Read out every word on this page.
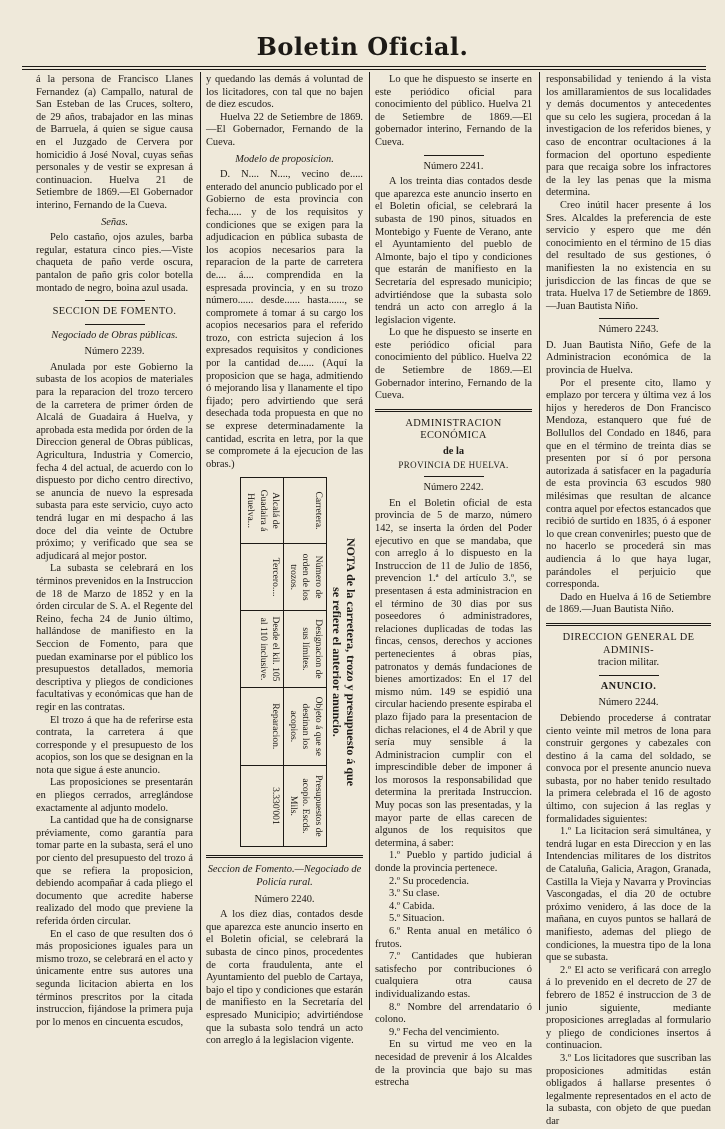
Boletin Oficial.

á la persona de Francisco Llanes Fernandez (a) Campallo, natural de San Esteban de las Cruces, soltero, de 29 años, trabajador en las minas de Barruela, á quien se sigue causa en el Juzgado de Cervera por homicidio á José Noval, cuyas señas personales y de vestir se expresan á continuacion. Huelva 21 de Setiembre de 1869.—El Gobernador interino, Fernando de la Cueva.

Señas.

Pelo castaño, ojos azules, barba regular, estatura cinco pies.—Viste chaqueta de paño verde oscura, pantalon de paño gris color botella montado de negro, boina azul usada.

SECCION DE FOMENTO.

Negociado de Obras públicas.

Número 2239.

Anulada por este Gobierno la subasta de los acopios de materiales para la reparacion del trozo tercero de la carretera de primer órden de Alcalá de Guadaira á Huelva, y aprobada esta medida por órden de la Direccion general de Obras públicas, Agricultura, Industria y Comercio, fecha 4 del actual, de acuerdo con lo dispuesto por dicho centro directivo, se anuncia de nuevo la espresada subasta para este servicio, cuyo acto tendrá lugar en mi despacho á las doce del dia veinte de Octubre próximo; y verificado que sea se adjudicará al mejor postor.

La subasta se celebrará en los términos prevenidos en la Instruccion de 18 de Marzo de 1852 y en la órden circular de S. A. el Regente del Reino, fecha 24 de Junio último, hallándose de manifiesto en la Seccion de Fomento, para que puedan examinarse por el público los presupuestos detallados, memoria descriptiva y pliegos de condiciones facultativas y económicas que han de regir en las contratas.

El trozo á que ha de referirse esta contrata, la carretera á que corresponde y el presupuesto de los acopios, son los que se designan en la nota que sigue á este anuncio.

Las proposiciones se presentarán en pliegos cerrados, arreglándose exactamente al adjunto modelo.

La cantidad que ha de consignarse préviamente, como garantía para tomar parte en la subasta, será el uno por ciento del presupuesto del trozo á que se refiera la proposicion, debiendo acompañar á cada pliego el documento que acredite haberse realizado del modo que previene la referida órden circular.

En el caso de que resulten dos ó más proposiciones iguales para un mismo trozo, se celebrará en el acto y únicamente entre sus autores una segunda licitacion abierta en los términos prescritos por la citada instruccion, fijándose la primera puja por lo menos en cincuenta escudos,

y quedando las demás á voluntad de los licitadores, con tal que no bajen de diez escudos.

Huelva 22 de Setiembre de 1869. —El Gobernador, Fernando de la Cueva.

Modelo de proposicion.

D. N.... N...., vecino de..... enterado del anuncio publicado por el Gobierno de esta provincia con fecha..... y de los requisitos y condiciones que se exigen para la adjudicacion en pública subasta de los acopios necesarios para la reparacion de la parte de carretera de.... á.... comprendida en la espresada provincia, y en su trozo número...... desde...... hasta......, se compromete á tomar á su cargo los acopios necesarios para el referido trozo, con estricta sujecion á los expresados requisitos y condiciones por la cantidad de...... (Aquí la proposicion que se haga, admitiendo ó mejorando lisa y llanamente el tipo fijado; pero advirtiendo que será desechada toda propuesta en que no se exprese determinadamente la cantidad, escrita en letra, por la que se compromete á la ejecucion de las obras.)

NOTA de la carretera, trozo y presupuesto á que
se refiere el anterior anuncio.
Carretera.	Número de orden de los trozos.	Designacion de sus límites.	Objeto á que se destinan los acopios.	Presupuestos de acopio. Escds. Mils.
Alcalá de Guadaira á Huelva...	Tercero....	Desde el kil. 105 al 110 inclusive.	Reparacion.	3.330'001

Seccion de Fomento.—Negociado de Policía rural.

Número 2240.

A los diez dias, contados desde que aparezca este anuncio inserto en el Boletin oficial, se celebrará la subasta de cinco pinos, procedentes de corta fraudulenta, ante el Ayuntamiento del pueblo de Cartaya, bajo el tipo y condiciones que estarán de manifiesto en la Secretaría del espresado Municipio; advirtiéndose que la subasta solo tendrá un acto con arreglo á la legislacion vigente.

Lo que he dispuesto se inserte en este periódico oficial para conocimiento del público. Huelva 21 de Setiembre de 1869.—El gobernador interino, Fernando de la Cueva.

Número 2241.

A los treinta dias contados desde que aparezca este anuncio inserto en el Boletin oficial, se celebrará la subasta de 190 pinos, situados en Montebigo y Fuente de Verano, ante el Ayuntamiento del pueblo de Almonte, bajo el tipo y condiciones que estarán de manifiesto en la Secretaría del espresado municipio; advirtiéndose que la subasta solo tendrá un acto con arreglo á la legislacion vigente.

Lo que he dispuesto se inserte en este periódico oficial para conocimiento del público. Huelva 22 de Setiembre de 1869.—El Gobernador interino, Fernando de la Cueva.

ADMINISTRACION ECONÓMICA

de la

PROVINCIA DE HUELVA.

Número 2242.

En el Boletin oficial de esta provincia de 5 de marzo, número 142, se inserta la órden del Poder ejecutivo en que se mandaba, que con arreglo á lo dispuesto en la Instruccion de 11 de Julio de 1856, prevencion 1.ª del artículo 3.º, se presentasen á esta administracion en el término de 30 dias por sus poseedores ó administradores, relaciones duplicadas de todas las fincas, censos, derechos y acciones pertenecientes á obras pías, patronatos y demás fundaciones de bienes amortizados: En el 17 del mismo núm. 149 se espidió una circular haciendo presente espiraba el plazo fijado para la presentacion de dichas relaciones, el 4 de Abril y que sería muy sensible á la Administracion cumplir con el imprescindible deber de imponer á los morosos la responsabilidad que determina la preritada Instruccion. Muy pocas son las presentadas, y la mayor parte de ellas carecen de algunos de los requisitos que determina, á saber:

1.º Pueblo y partido judicial á donde la provincia pertenece.

2.º Su procedencia.

3.º Su clase.

4.º Cabida.

5.º Situacion.

6.º Renta anual en metálico ó frutos.

7.º Cantidades que hubieran satisfecho por contribuciones ó cualquiera otra causa individualizando estas.

8.º Nombre del arrendatario ó colono.

9.º Fecha del vencimiento.

En su virtud me veo en la necesidad de prevenir á los Alcaldes de la provincia que bajo su mas estrecha

responsabilidad y teniendo á la vista los amillaramientos de sus localidades y demás documentos y antecedentes que su celo les sugiera, procedan á la investigacion de los referidos bienes, y caso de encontrar ocultaciones á la formacion del oportuno espediente para que recaiga sobre los infractores de la ley las penas que la misma determina.

Creo inútil hacer presente á los Sres. Alcaldes la preferencia de este servicio y espero que me dén conocimiento en el término de 15 dias del resultado de sus gestiones, ó manifiesten la no existencia en su jurisdiccion de las fincas de que se trata. Huelva 17 de Setiembre de 1869. —Juan Bautista Niño.

Número 2243.

D. Juan Bautista Niño, Gefe de la Administracion económica de la provincia de Huelva.

Por el presente cito, llamo y emplazo por tercera y última vez á los hijos y herederos de Don Francisco Mendoza, estanquero que fué de Bollullos del Condado en 1846, para que en el término de treinta dias se presenten por sí ó por persona autorizada á satisfacer en la pagaduría de esta provincia 63 escudos 980 milésimas que resultan de alcance contra aquel por efectos estancados que recibió de surtido en 1835, ó á esponer lo que crean convenirles; puesto que de no hacerlo se procederá sin mas audiencia á lo que haya lugar, parándoles el perjuicio que corresponda.

Dado en Huelva á 16 de Setiembre de 1869.—Juan Bautista Niño.

DIRECCION GENERAL DE ADMINIS-

tracion militar.

ANUNCIO.

Número 2244.

Debiendo procederse á contratar ciento veinte mil metros de lona para construir gergones y cabezales con destino á la cama del soldado, se convoca por el presente anuncio nueva subasta, por no haber tenido resultado la primera celebrada el 16 de agosto último, con sujecion á las reglas y formalidades siguientes:

1.º La licitacion será simultánea, y tendrá lugar en esta Direccion y en las Intendencias militares de los distritos de Cataluña, Galicia, Aragon, Granada, Castilla la Vieja y Navarra y Provincias Vascongadas, el dia 20 de octubre próximo venidero, á las doce de la mañana, en cuyos puntos se hallará de manifiesto, ademas del pliego de condiciones, la muestra tipo de la lona que se subasta.

2.º El acto se verificará con arreglo á lo prevenido en el decreto de 27 de febrero de 1852 é instruccion de 3 de junio siguiente, mediante proposiciones arregladas al formulario y pliego de condiciones insertos á continuacion.

3.º Los licitadores que suscriban las proposiciones admitidas están obligados á hallarse presentes ó legalmente representados en el acto de la subasta, con objeto de que puedan dar
